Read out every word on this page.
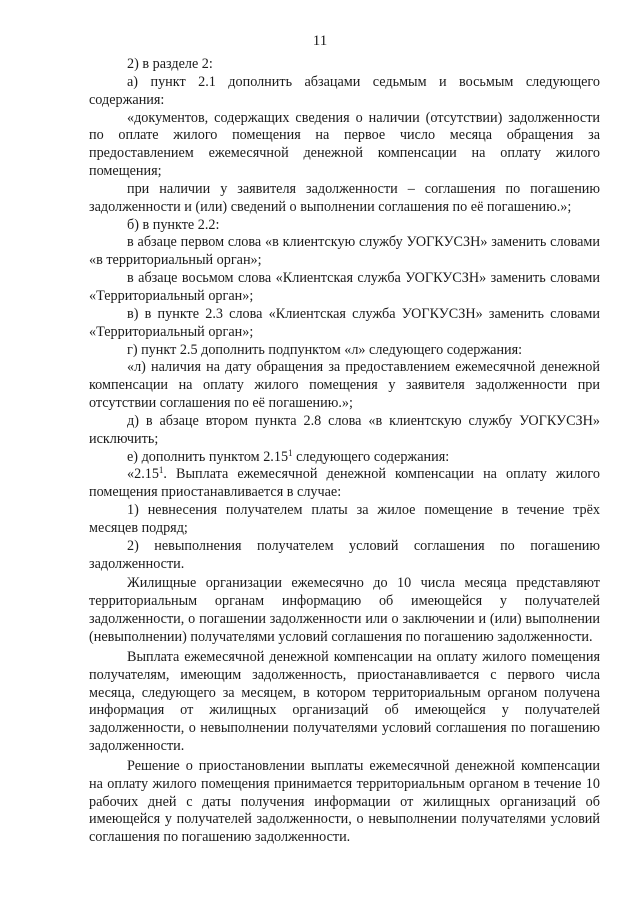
11

2) в разделе 2:

а) пункт 2.1 дополнить абзацами седьмым и восьмым следующего содержания:

«документов, содержащих сведения о наличии (отсутствии) задолженности по оплате жилого помещения на первое число месяца обращения за предоставлением ежемесячной денежной компенсации на оплату жилого помещения;

при наличии у заявителя задолженности – соглашения по погашению задолженности и (или) сведений о выполнении соглашения по её погашению.»;

б) в пункте 2.2:

в абзаце первом слова «в клиентскую службу УОГКУСЗН» заменить словами «в территориальный орган»;

в абзаце восьмом слова «Клиентская служба УОГКУСЗН» заменить словами «Территориальный орган»;

в) в пункте 2.3 слова «Клиентская служба УОГКУСЗН» заменить словами «Территориальный орган»;

г) пункт 2.5 дополнить подпунктом «л» следующего содержания:

«л) наличия на дату обращения за предоставлением ежемесячной денежной компенсации на оплату жилого помещения у заявителя задолженности при отсутствии соглашения по её погашению.»;

д) в абзаце втором пункта 2.8 слова «в клиентскую службу УОГКУСЗН» исключить;

е) дополнить пунктом 2.15$^1$ следующего содержания:

«2.15$^1$. Выплата ежемесячной денежной компенсации на оплату жилого помещения приостанавливается в случае:

1) невнесения получателем платы за жилое помещение в течение трёх месяцев подряд;

2) невыполнения получателем условий соглашения по погашению задолженности.

Жилищные организации ежемесячно до 10 числа месяца представляют территориальным органам информацию об имеющейся у получателей задолженности, о погашении задолженности или о заключении и (или) выполнении (невыполнении) получателями условий соглашения по погашению задолженности.

Выплата ежемесячной денежной компенсации на оплату жилого помещения получателям, имеющим задолженность, приостанавливается с первого числа месяца, следующего за месяцем, в котором территориальным органом получена информация от жилищных организаций об имеющейся у получателей задолженности, о невыполнении получателями условий соглашения по погашению задолженности.

Решение о приостановлении выплаты ежемесячной денежной компенсации на оплату жилого помещения принимается территориальным органом в течение 10 рабочих дней с даты получения информации от жилищных организаций об имеющейся у получателей задолженности, о невыполнении получателями условий соглашения по погашению задолженности.
